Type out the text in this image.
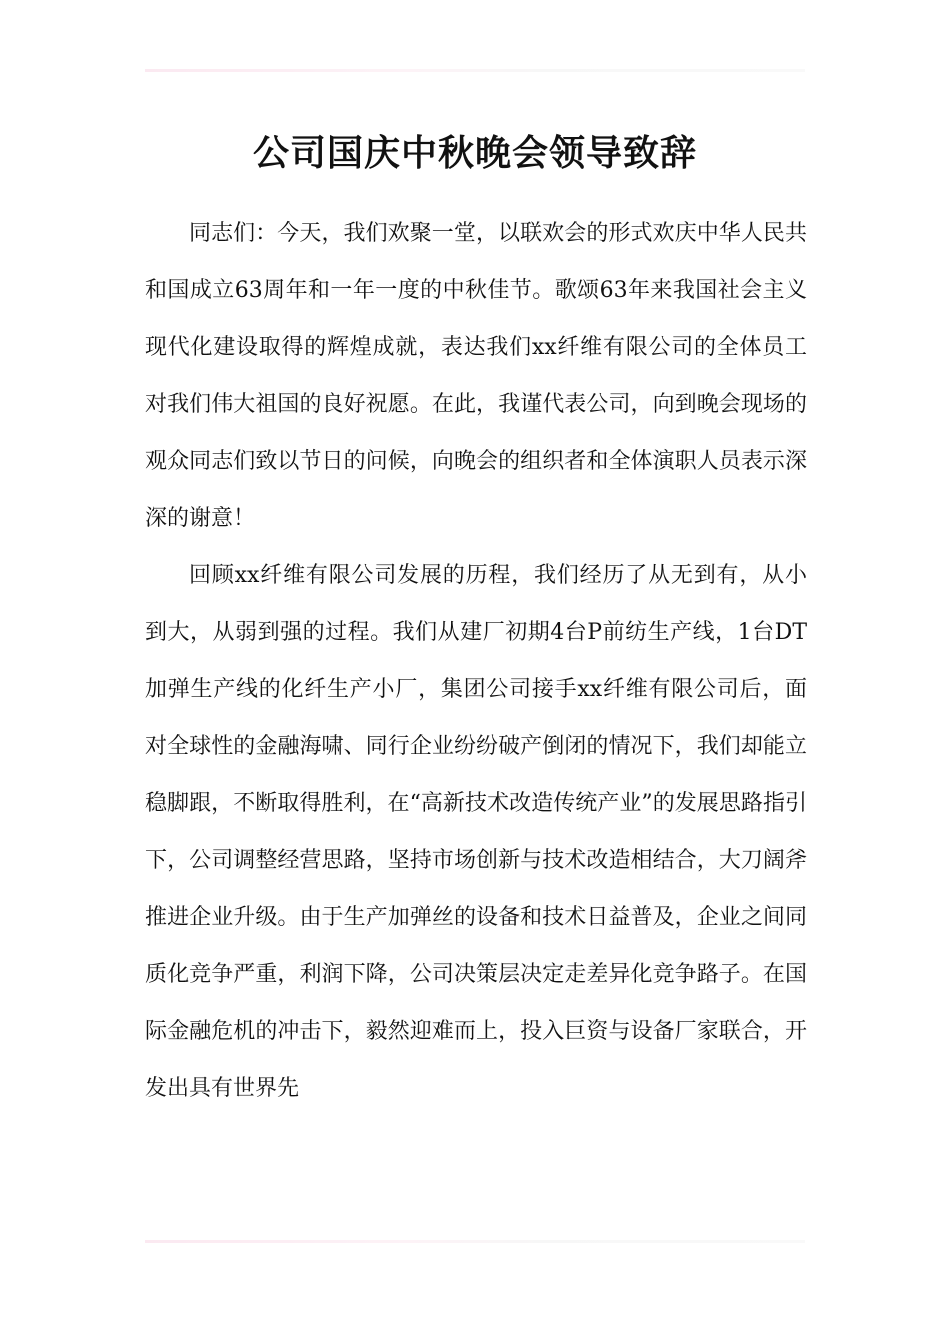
公司国庆中秋晚会领导致辞

同志们：今天，我们欢聚一堂，以联欢会的形式欢庆中华人民共和国成立63周年和一年一度的中秋佳节。歌颂63年来我国社会主义现代化建设取得的辉煌成就，表达我们xx纤维有限公司的全体员工对我们伟大祖国的良好祝愿。在此，我谨代表公司，向到晚会现场的观众同志们致以节日的问候，向晚会的组织者和全体演职人员表示深深的谢意！

回顾xx纤维有限公司发展的历程，我们经历了从无到有，从小到大，从弱到强的过程。我们从建厂初期4台P前纺生产线，1台DT加弹生产线的化纤生产小厂，集团公司接手xx纤维有限公司后，面对全球性的金融海啸、同行企业纷纷破产倒闭的情况下，我们却能立稳脚跟，不断取得胜利，在“高新技术改造传统产业”的发展思路指引下，公司调整经营思路，坚持市场创新与技术改造相结合，大刀阔斧推进企业升级。由于生产加弹丝的设备和技术日益普及，企业之间同质化竞争严重，利润下降，公司决策层决定走差异化竞争路子。在国际金融危机的冲击下，毅然迎难而上，投入巨资与设备厂家联合，开发出具有世界先
